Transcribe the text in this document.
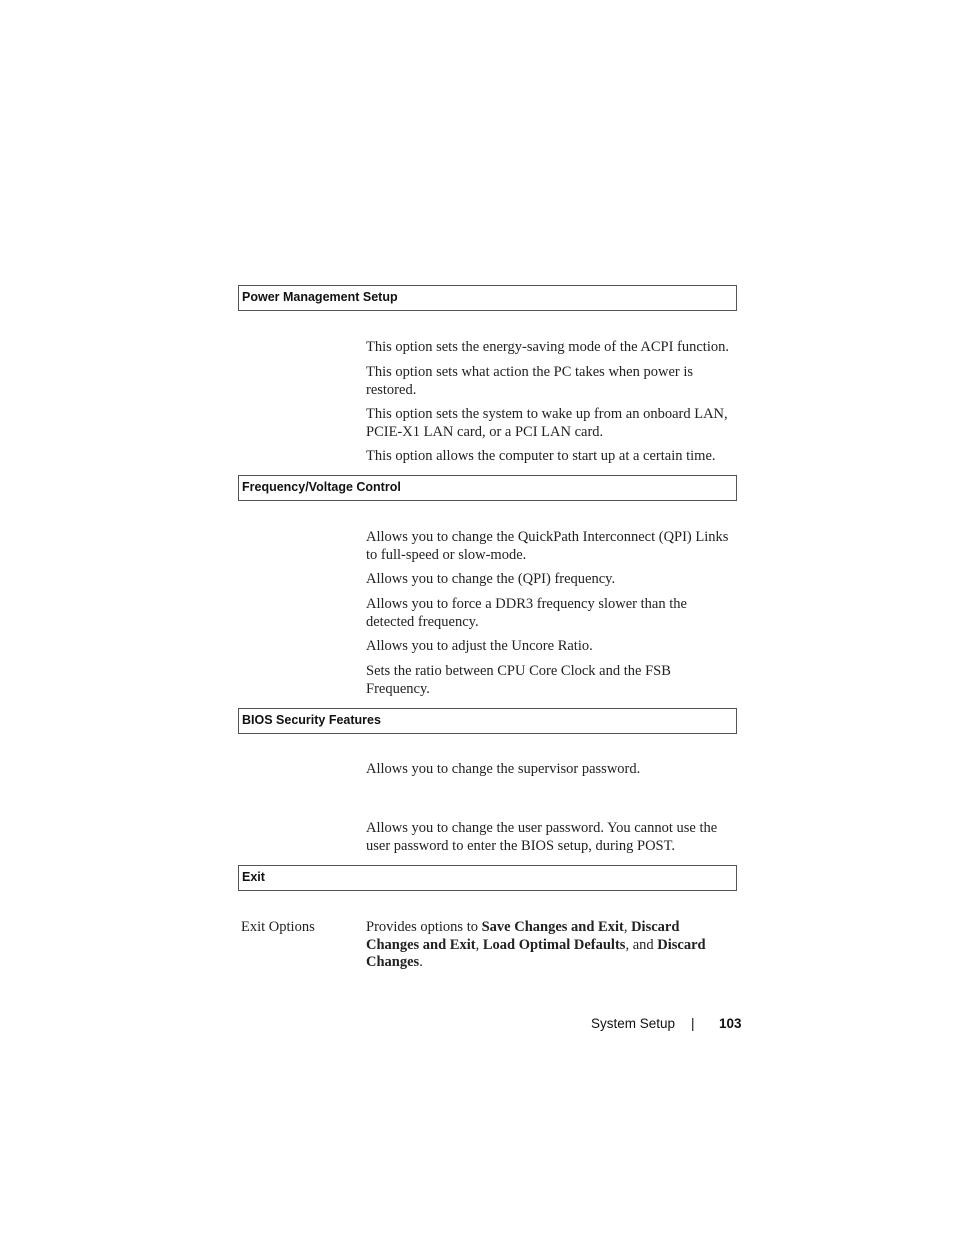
Power Management Setup
This option sets the energy-saving mode of the ACPI function.
This option sets what action the PC takes when power is restored.
This option sets the system to wake up from an onboard LAN, PCIE-X1 LAN card, or a PCI LAN card.
This option allows the computer to start up at a certain time.
Frequency/Voltage Control
Allows you to change the QuickPath Interconnect (QPI) Links to full-speed or slow-mode.
Allows you to change the (QPI) frequency.
Allows you to force a DDR3 frequency slower than the detected frequency.
Allows you to adjust the Uncore Ratio.
Sets the ratio between CPU Core Clock and the FSB Frequency.
BIOS Security Features
Allows you to change the supervisor password.
Allows you to change the user password. You cannot use the user password to enter the BIOS setup, during POST.
Exit
Exit Options	Provides options to Save Changes and Exit, Discard Changes and Exit, Load Optimal Defaults, and Discard Changes.
System Setup | 103
